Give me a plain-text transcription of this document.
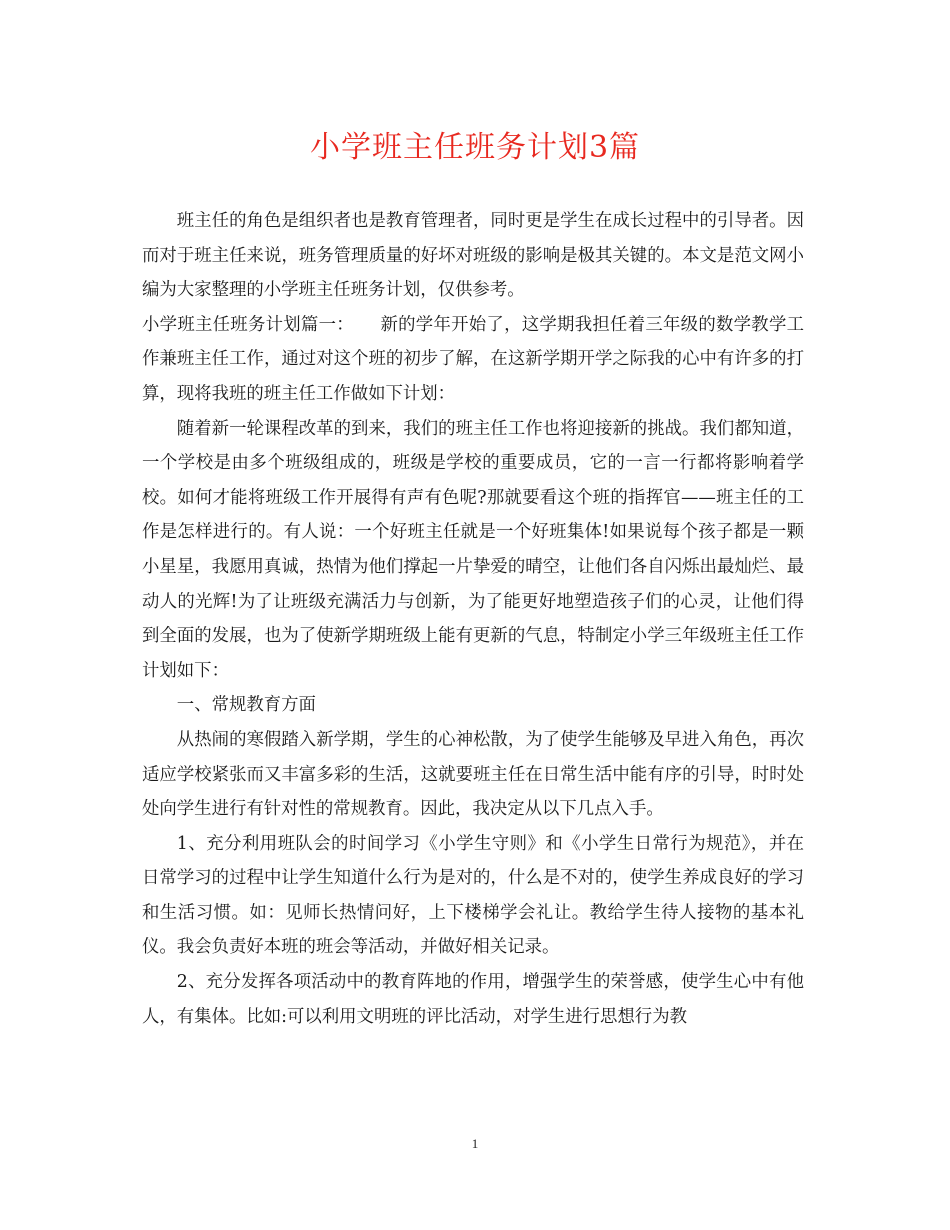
小学班主任班务计划3篇

班主任的角色是组织者也是教育管理者，同时更是学生在成长过程中的引导者。因而对于班主任来说，班务管理质量的好坏对班级的影响是极其关键的。本文是范文网小编为大家整理的小学班主任班务计划，仅供参考。

小学班主任班务计划篇一：　　新的学年开始了，这学期我担任着三年级的数学教学工作兼班主任工作，通过对这个班的初步了解，在这新学期开学之际我的心中有许多的打算，现将我班的班主任工作做如下计划：

随着新一轮课程改革的到来，我们的班主任工作也将迎接新的挑战。我们都知道，一个学校是由多个班级组成的，班级是学校的重要成员，它的一言一行都将影响着学校。如何才能将班级工作开展得有声有色呢?那就要看这个班的指挥官——班主任的工作是怎样进行的。有人说：一个好班主任就是一个好班集体!如果说每个孩子都是一颗小星星，我愿用真诚，热情为他们撑起一片挚爱的晴空，让他们各自闪烁出最灿烂、最动人的光辉!为了让班级充满活力与创新，为了能更好地塑造孩子们的心灵，让他们得到全面的发展，也为了使新学期班级上能有更新的气息，特制定小学三年级班主任工作计划如下：

一、常规教育方面

从热闹的寒假踏入新学期，学生的心神松散，为了使学生能够及早进入角色，再次适应学校紧张而又丰富多彩的生活，这就要班主任在日常生活中能有序的引导，时时处处向学生进行有针对性的常规教育。因此，我决定从以下几点入手。

1、充分利用班队会的时间学习《小学生守则》和《小学生日常行为规范》，并在日常学习的过程中让学生知道什么行为是对的，什么是不对的，使学生养成良好的学习和生活习惯。如：见师长热情问好，上下楼梯学会礼让。教给学生待人接物的基本礼仪。我会负责好本班的班会等活动，并做好相关记录。

2、充分发挥各项活动中的教育阵地的作用，增强学生的荣誉感，使学生心中有他人，有集体。比如:可以利用文明班的评比活动，对学生进行思想行为教

1
